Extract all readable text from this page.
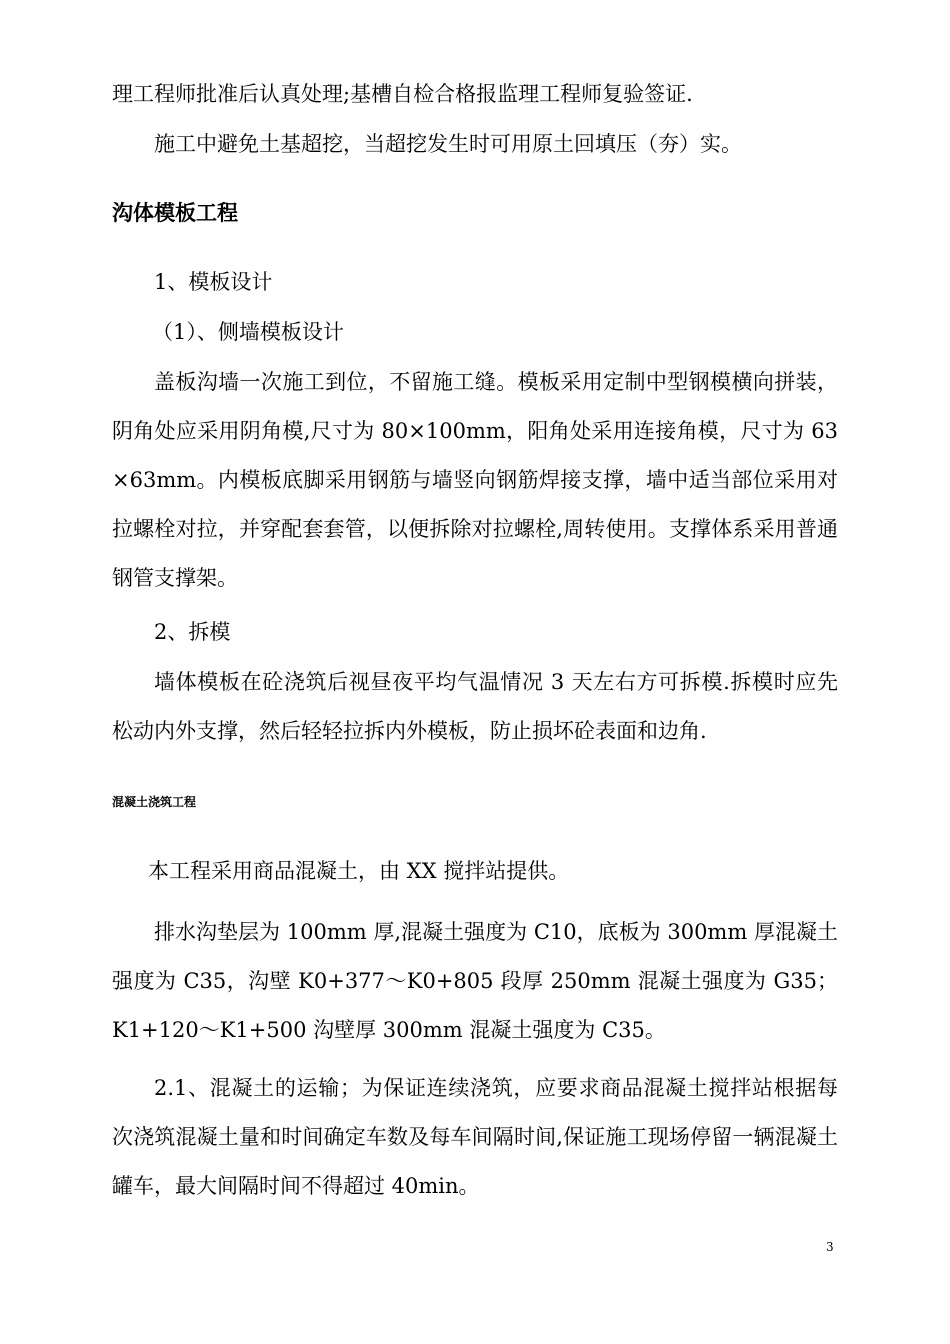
理工程师批准后认真处理;基槽自检合格报监理工程师复验签证.

施工中避免土基超挖，当超挖发生时可用原土回填压（夯）实。

沟体模板工程

1、模板设计

（1）、侧墙模板设计

盖板沟墙一次施工到位，不留施工缝。模板采用定制中型钢模横向拼装，阴角处应采用阴角模,尺寸为 80×100mm，阳角处采用连接角模，尺寸为 63×63mm。内模板底脚采用钢筋与墙竖向钢筋焊接支撑，墙中适当部位采用对拉螺栓对拉，并穿配套套管，以便拆除对拉螺栓,周转使用。支撑体系采用普通钢管支撑架。

2、拆模

墙体模板在砼浇筑后视昼夜平均气温情况 3 天左右方可拆模.拆模时应先松动内外支撑，然后轻轻拉拆内外模板，防止损坏砼表面和边角.

混凝土浇筑工程

本工程采用商品混凝土，由 XX 搅拌站提供。

排水沟垫层为 100mm 厚,混凝土强度为 C10，底板为 300mm 厚混凝土强度为 C35，沟壁 K0+377～K0+805 段厚 250mm 混凝土强度为 G35；K1+120～K1+500 沟壁厚 300mm 混凝土强度为 C35。

2.1、混凝土的运输；为保证连续浇筑，应要求商品混凝土搅拌站根据每次浇筑混凝土量和时间确定车数及每车间隔时间,保证施工现场停留一辆混凝土罐车，最大间隔时间不得超过 40min。

3
